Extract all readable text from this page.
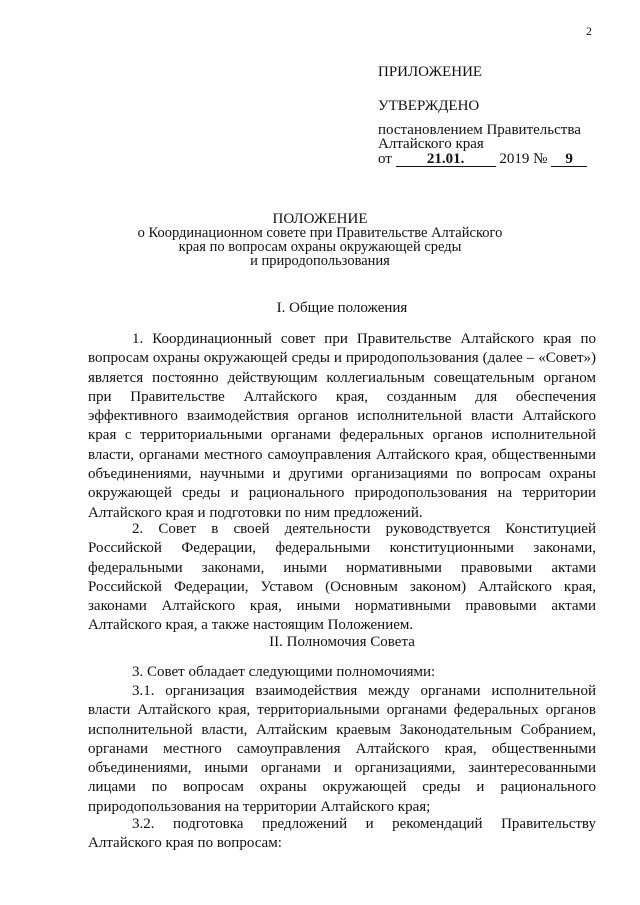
2
ПРИЛОЖЕНИЕ
УТВЕРЖДЕНО
постановлением Правительства
Алтайского края
от 21.01. 2019 № 9
ПОЛОЖЕНИЕ
о Координационном совете при Правительстве Алтайского
края по вопросам охраны окружающей среды
и природопользования
I. Общие положения
1. Координационный совет при Правительстве Алтайского края по вопросам охраны окружающей среды и природопользования (далее – «Совет») является постоянно действующим коллегиальным совещательным органом при Правительстве Алтайского края, созданным для обеспечения эффективного взаимодействия органов исполнительной власти Алтайского края с территориальными органами федеральных органов исполнительной власти, органами местного самоуправления Алтайского края, общественными объединениями, научными и другими организациями по вопросам охраны окружающей среды и рационального природопользования на территории Алтайского края и подготовки по ним предложений.
2. Совет в своей деятельности руководствуется Конституцией Российской Федерации, федеральными конституционными законами, федеральными законами, иными нормативными правовыми актами Российской Федерации, Уставом (Основным законом) Алтайского края, законами Алтайского края, иными нормативными правовыми актами Алтайского края, а также настоящим Положением.
II. Полномочия Совета
3. Совет обладает следующими полномочиями:
3.1. организация взаимодействия между органами исполнительной власти Алтайского края, территориальными органами федеральных органов исполнительной власти, Алтайским краевым Законодательным Собранием, органами местного самоуправления Алтайского края, общественными объединениями, иными органами и организациями, заинтересованными лицами по вопросам охраны окружающей среды и рационального природопользования на территории Алтайского края;
3.2. подготовка предложений и рекомендаций Правительству Алтайского края по вопросам:
